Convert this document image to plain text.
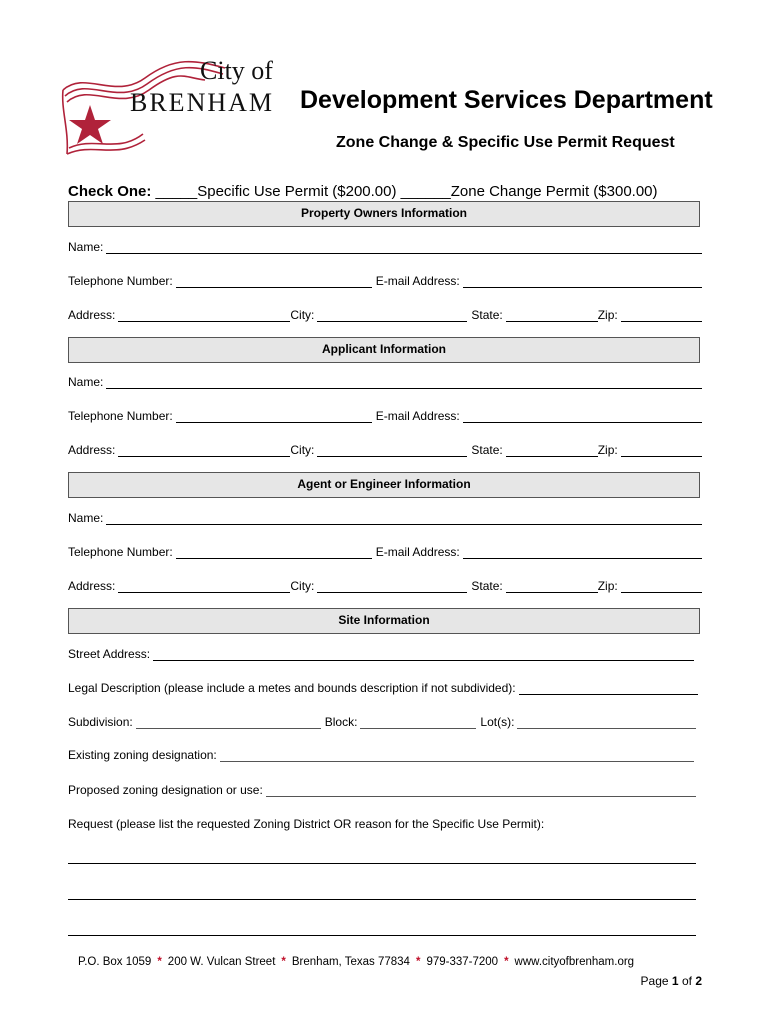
City of
BRENHAM Development Services Department
Zone Change & Specific Use Permit Request
Check One: _____Specific Use Permit ($200.00) ______Zone Change Permit ($300.00)
Property Owners Information
Name:
Telephone Number:	E-mail Address:
Address:	City:	State:	Zip:
Applicant Information
Name:
Telephone Number:	E-mail Address:
Address:	City:	State:	Zip:
Agent or Engineer Information
Name:
Telephone Number:	E-mail Address:
Address:	City:	State:	Zip:
Site Information
Street Address:
Legal Description (please include a metes and bounds description if not subdivided):
Subdivision:	Block:	Lot(s):
Existing zoning designation:
Proposed zoning designation or use:
Request (please list the requested Zoning District OR reason for the Specific Use Permit):
P.O. Box 1059 * 200 W. Vulcan Street * Brenham, Texas 77834 * 979-337-7200 * www.cityofbrenham.org
Page 1 of 2
